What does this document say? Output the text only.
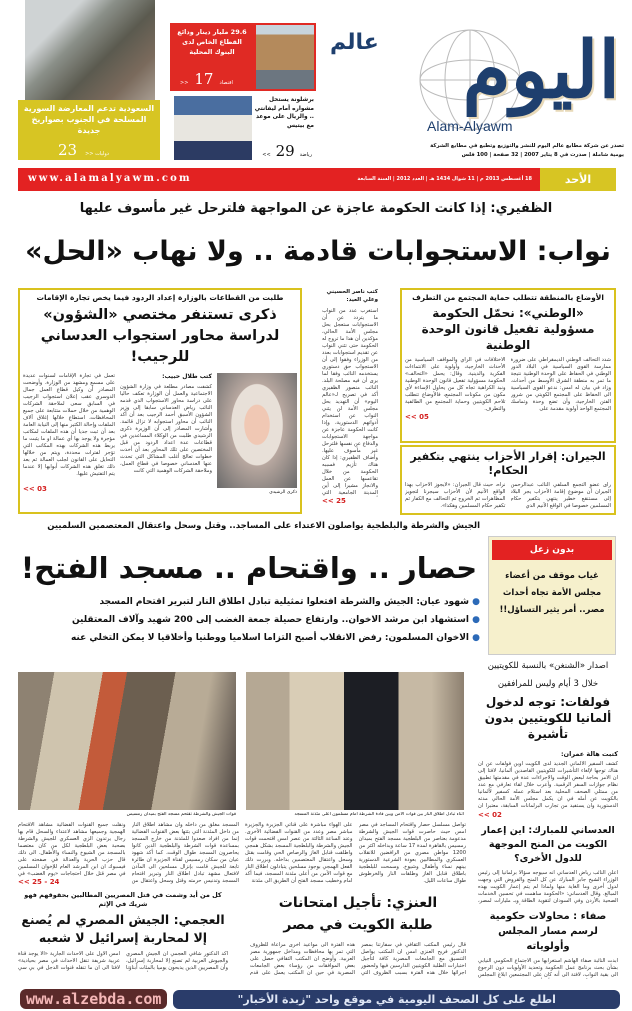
السعودية تدعم المعارضة السورية المسلحة في الجنوب بصواريخ جديدة
23 >> دوليات
29.6 مليار دينار ودائع القطاع الخاص لدى البنوك المحلية
>> 17 اقتصاد
برشلونة يستحل مشواره أمام ليفانتي .. والريال على موعد مع بيتيس
رياضة
29
>>
عالم اليوم
Alam-Alyawm
تصدر عن شركة مطابع عالم اليوم للنشر والتوزيع وتطبع في مطابع الشركة
يومية شاملة | صدرت في 8 يناير 2007 | 32 صفحة | 100 فلس
www.alamalyawm.com	18 أغسطس 2013 م | 11 شوال 1434 هـ | العدد 2012 | السنة السابعة	الأحد
الظفيري: إذا كانت الحكومة عاجزة عن المواجهة فلترحل غير مأسوف عليها
نواب: الاستجوابات قادمة .. ولا نهاب «الحل»
الأوضاع بالمنطقة تتطلب حماية المجتمع من التطرف
«الوطني»: نحمّل الحكومة مسؤولية تفعيل قانون الوحدة الوطنية
شدد التحالف الوطني الديمقراطي على ضرورة ممارسة القوى السياسية في البلاد الدور الوطني في الحفاظ على الوحدة الوطنية نتيجة ما تمر به منطقة الشرق الأوسط من أحداث. وزاد في بيان له امس: ندعو القوى السياسية الى الحفاظ على المجتمع الكويتي من شرور الفتن الخارجية، وأن تضع وحدة وتماسك المجتمع الواحد أولوية مقدمة على
الاختلافات في الرأي والمواقف السياسية من الأحداث الخارجية، وأولوية على الانتماءات الفكرية والدينية. وقال: يحمل «التحالف» الحكومة مسؤولية تفعيل قانون الوحدة الوطنية ونبذ الكراهية تجاه كل من يحاول الإساءة لأي مكون من مكونات المجتمع، فالأوضاع تتطلب تلاحم الكويتيين وحماية المجتمع من الطائفية والتطرف.
<< 05
الجيران: إقرار الأحزاب ينتهي بتكفير الحكام!
رأى عضو التجمع السلفي النائب عبدالرحمن الجيران أن موضوع إقامة الأحزاب يجر البلاد إلى مستنقع خطير ينتهي بتكفير حكام المسلمين خصوصا في الواقع الآنيم الذي
نراه، حيث قال الجيران: «لايجوز الأحزاب بهذا الواقع الآنيم لأن الأحزاب سيجرنا لتجويز المظاهرات ثم الخروج ثم التحالف مع الكفار ثم تكفير حكام المسلمين وهكذا».
كتب ناصر الحسيني وعلي العيد:
استغرب عدد من النواب ما يتردد عن أن الاستجوابات ستعجل بحل مجلس الأمة الحالي، مؤكدين أن هذا ما تروج له الحكومة حتى تثني النواب عن تقديم استجوابات بعدد من الوزراء وفقوا إلى أن الاستجواب حق دستوري يستخدمه النائب وفقا لما يرى أن فيه مصلحة البلد. النائب منصور الظفيري أكد في تصريح لـ«عالم اليوم» أن التهديد بحل مجلس الأمة لن يثني النواب عن استخدام أدواتهم الدستورية، وإذا كانت الحكومة عاجزة عن مواجهة الاستجوابات والدفاع عن نفسها فلترحل غير مأسوف عليها. وأضاف الظفيري: إذا كان هناك تأزيم فسببه الحكومة من خلال تقاعسها عن العمل والانجاز مشيرا إلى أين المدينة الجامعية التي
<< 25
طلبت من القطاعات بالوزارة إعداد الردود فيما يخص تجارة الإقامات
ذكرى تستنفر مختصي «الشؤون» لدراسة محاور استجواب العدساني للرجيب!
ذكرى الرشيدي
كتب طلال حبيب:
كشفت مصادر مطلعة في وزارة الشؤون الاجتماعية والعمل أن الوزارة تعكف حاليا على دراسة محاور الاستجواب الذي قدمه النائب رياض العدساني سابقا إلى وزير الشؤون الأسبق أحمد الرجيب بعد أن أكد النائب أن محاور استجوابه لا تزال قائمة. وأشارت المصادر إلى أن الوزيرة ذكرى الرشيدي طلبت من الوكلاء المساعدين في قطاعات عدة اعداد الردود من قبل المختصين على تلك المحاور بعد أن أخذت خطوات تعالج أغلب المشاكل التي تحدث عنها العدساني خصوصا في قطاع العمل، وملاحقة الشركات الوهمية التي كانت
تعمل في تجارة الإقامات لسنوات عديدة على مسمع ومشهد من الوزارة. وأوضحت المصادر أن وكيل قطاع العمل جمال الدوسري عقب إعلان استجواب الرجيب في السابق سعى لملاحقة الشركات الوهمية من خلال حملات متتابعة على جميع المحافظات، استطاع خلالها إغلاق آلاف الملفات وإحالة الكثير منها إلى النيابة العامة بعد أن ثبت جديا أن هذه الملفات لمكاتب مؤجرة ولا يوجد بها أي عمالة او ما يثبت ما يربط هذه الشركات بهذه المكاتب التي تؤجر لفترات محددة، ويتم من خلالها التحايل على القانون لجلب العمالة ثم بعد ذلك تغلق هذه الشركات أبوابها إلا عندما يتم التفتيش عليها.
<< 03
الجيش والشرطة والبلطجية يواصلون الاعتداء على المساجد.. وقتل وسحل واعتقال المعتصمين السلميين
حصار .. واقتحام .. مسجد الفتح!
● شهود عيان: الجيش والشرطة افتعلوا تمثيلية تبادل اطلاق النار لتبرير اقتحام المسجد
● استشهاد ابن مرشد الاخوان.. وارتفاع حصيلة جمعة الغضب إلى 200 شهيد وآلاف المعتقلين
● الاخوان المسلمون: رفض الانقلاب أصبح التزاما اسلاميا ووطنيا وأخلاقيا لا يمكن التخلي عنه
قوات الجيش والشرطة تقتحم مسجد الفتح بميدان رمسيس	أثناء تبادل اطلاق النار بين قوات الأمن وبين قادة الشرطة أمام مسلمون أعلى مئذنة المسجد
تواصل مسلسل حصار واقتحام المساجد في مصر امس حيث حاصرت قوات الجيش والشرطة مدعومة بعناصر من البلطجية مسجد الفتح بميدان رمسيس بالقاهرة لمدة 17 ساعة وبداخله اكثر من 1200 مواطن مصري من الرافضين للانقلاب العسكري والمطالبين بعودة الشرعية الدستورية بينهم نساء وأطفال وشيوخ. وسمحت للبلطجية باطلاق قنابل الغاز وطلقات النار والخرطوش طوال ساعات الليل.
على الهواء مباشرة على قناتي الجزيرة والجزيرة مباشر مصر وعدد من القنوات الفضائية الأخرى. وعند الساعة الثالثة من عصر امس اقتحمت قوات الجيش والشرطة والبلطجية المسجد بشكل همجي واطلقت قنابل الغاز والرصاص الحي وقامت بقتل وسحل واعتقال المعتصمين بداخله. وبررت ذلك الفعل الهمجي بوجود مسلحين يتبادلون اطلاق النار مع قوات الأمن من أعلى مئذنة المسجد، فيما أكد امام وخطيب مسجد الفتح أن الطريق الى مئذنة
المسجد مغلق من داخله وان مشاهد اطلاق النار من داخل المئذنة التي بثتها بعض القنوات الفضائية إنما من افراد صعدوا للمئذنة من خارج المسجد بمساعدة قوات الشرطة والبلطجية الذين كانوا يحاصرون المسجد طوال الوقت، كما أكد شهود عيان من سكان رمسيس لقناة الجزيرة ان طائرة تابعة للجيش قامت بإنزال مسلحين الى المآذن لافتعال مشهد تبادل اطلاق النار وتبرير اقتحام المسجد وتدنيس حرمته وقتل وسحل واعتقال من
ونقلت جميع القنوات الفضائية مشاهد الاقتحام الهمجية وجميعها مشاهد لاعتداء والسحل قام بها رجال يرتدون الزي العسكري للجيش والشرطة بصحبة بعض البلطجية لكل من كان معتصما بالمسجد من الشيوخ والنساء والأطفال. الى ذلك قال حزب الحرية والعدالة في صفحته على فيسبوك ان ابن المرشد العام للإخوان المسلمين في مصر قتل خلال احتجاجات «يوم الغضب» في
<< 25 - 24
بدون زعل
غياب موقف من أعضاء مجلس الأمة تجاه أحداث مصر.. أمر يثير التساؤل!!
اصدار «الشنغن» بالنسبة للكويتيين
خلال 3 أيام وليس للمرافقين
فولفات: توجه لدخول ألمانيا للكويتيين بدون تأشيرة
كتبت هالة عمران:
كشف السفير الألماني الجديد لدى الكويت أوين فولفات عن ان هناك توجها لإلغاء التأشيرات للكويتيين القاصدين ألمانيا، لافتا إلى ان الامر بحاجة لبعض الوقت والاجراءات عدة في مقدمتها تطبيق نظام جوازات السفر الرقمية. وأعرب خلال لقاء تعارفي مع عدد من ممثلي الصحف المحلية بعد استلام عمله كسفير لألمانيا بالكويت عن أمله في ان يكمل مجلس الأمة الحالي مدته الدستورية وان يستفيد من تجارب البرلمانات السابقة، معتبرا ان
<< 02
العدساني للمبارك: اين إعمار الكويت من المنح الموجهة للدول الأخرى؟
اعلن النائب رياض العدساني أنه سيوجه سؤالا برلمانيا إلى رئيس الوزراء الشيخ جابر المبارك عن كل المنح والقروض التي وجهت لدول أخرى وما الغاية منها ولماذا لم يتم إعمار الكويت بهذه المبالغ. وقال العدساني: «الحكومة ساهمت في تحسين الخدمات الصحية بالأردن وفي السودان لتقوية الطاقة وبـ مليارات لمصر،
صفاء : محاولات حكومية لرسم مسار المجلس وأولوياته
أبدت النائبة صفاء الهاشم استغرابها من الاجتماع الحكومي النيابي بشأن بحث برنامج عمل الحكومة وتحديد الأولويات دون الرجوع الى بقية النواب، لافتة الى أنه كان على المجتمعين ابلاغ المجلس
كل من أيد وشمت في قتل المصريين المطالبين بحقوقهم فهو شريك في الإثم
العجمي: الجيش المصري لم يُصنع إلا لمحاربة إسرائيل لا شعبه
أكد الدكتور شافي العجمي ان الجيش المصري والجيوش العربية لم تصنع إلا لمحاربة إسرائيل، وأن المصريين الذين يذبحون يوميا بالمئات أبناؤنا
امس الاول على الاحداث الجارية «ألا يوجد قناة عربية شريفة تنقل الاحداث في مصر بحيادية» لافتا الى ان ما تنقله قنوات الدجل في بي سي
العنزي: تأجيل امتحانات طلبة الكويت في مصر
قال رئيس المكتب الثقافي في سفارتنا بمصر الدكتور فريح العنزي امس ان المكتب يواصل التنسيق مع الجامعات المصرية كافة لتأجيل اختبارات الطلبة الكويتيين الدارسين فيها ولحضور اجرائها خلال هذه الفترة بسبب الظروف التي
هذه الفترة الى مواعيد اخرى مراعاة للظروف التي تمر بها محافظات ومداخل جمهورية مصر العربية. وأوضح ان المكتب الثقافي حصل على بعض الموافقات من رؤساء بعض الجامعات المصرية في حين ان المكتب يعمل على قدم
www.alzebda.com	اطلع على كل الصحف اليومية في موقع واحد "زبدة الأخبار"
